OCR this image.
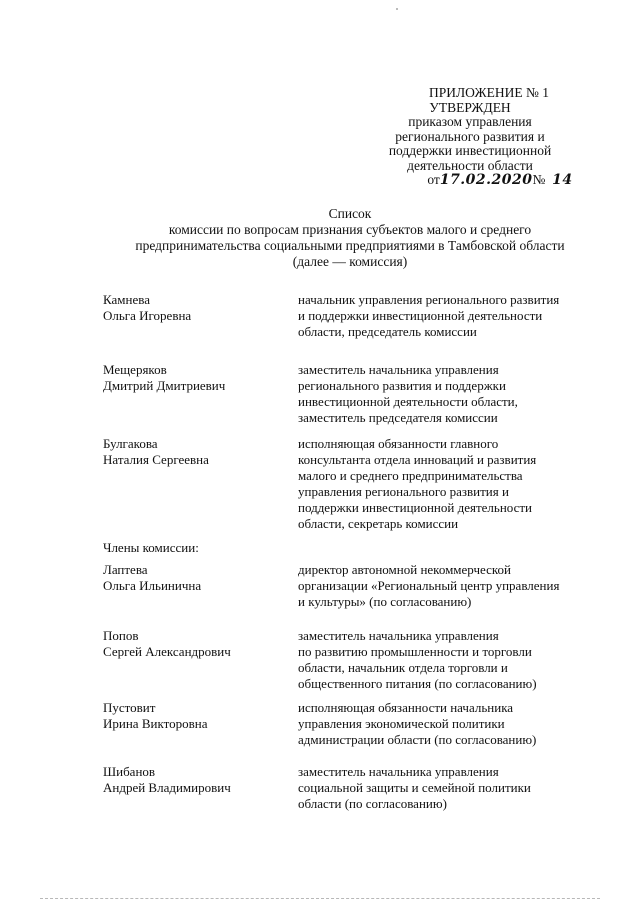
ПРИЛОЖЕНИЕ № 1
УТВЕРЖДЕН
приказом управления
регионального развития и
поддержки инвестиционной
деятельности области
от17.02.2020№ 14
Список
комиссии по вопросам признания субъектов малого и среднего
предпринимательства социальными предприятиями в Тамбовской области
(далее — комиссия)
Камнева
Ольга Игоревна
начальник управления регионального развития
и поддержки инвестиционной деятельности
области, председатель комиссии
Мещеряков
Дмитрий Дмитриевич
заместитель начальника управления
регионального развития и поддержки
инвестиционной деятельности области,
заместитель председателя комиссии
Булгакова
Наталия Сергеевна
исполняющая обязанности главного
консультанта отдела инноваций и развития
малого и среднего предпринимательства
управления регионального развития и
поддержки инвестиционной деятельности
области, секретарь комиссии
Члены комиссии:
Лаптева
Ольга Ильинична
директор автономной некоммерческой
организации «Региональный центр управления
и культуры» (по согласованию)
Попов
Сергей Александрович
заместитель начальника управления
по развитию промышленности и торговли
области, начальник отдела торговли и
общественного питания (по согласованию)
Пустовит
Ирина Викторовна
исполняющая обязанности начальника
управления экономической политики
администрации области (по согласованию)
Шибанов
Андрей Владимирович
заместитель начальника управления
социальной защиты и семейной политики
области (по согласованию)
